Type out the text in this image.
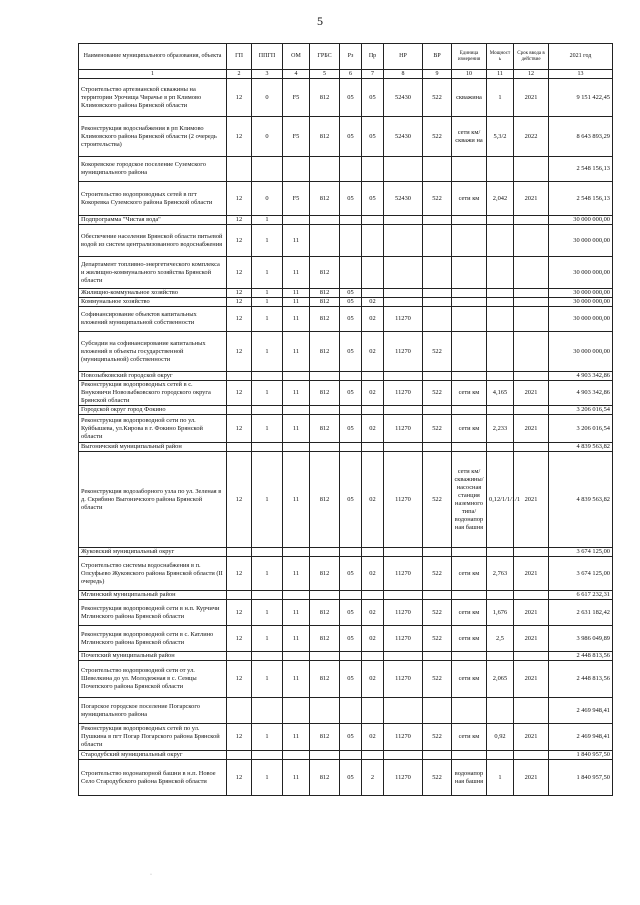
5
Наименование муниципального образования, объекта	ГП	ППГП	ОМ	ГРБС	Рз	Пр	НР	ВР	Единица измерения	Мощност ь	Срок ввода в действие	2021 год
1	2	3	4	5	6	7	8	9	10	11	12	13
Строительство артезианской скважины на территории Урочища Чирачье в рп Климово Климовского района Брянской области	12	0	F5	812	05	05	52430	522	скважина	1	2021	9 151 422,45
Реконструкция водоснабжения в рп Климово Климовского района Брянской области (2 очередь строительства)	12	0	F5	812	05	05	52430	522	сети км/скважи на	5,3/2	2022	8 643 893,29
Кокоревское городское поселение Суземского муниципального района												2 548 156,13
Строительство водопроводных сетей в пгт Кокоревка Суземского района Брянской области	12	0	F5	812	05	05	52430	522	сети км	2,042	2021	2 548 156,13
Подпрограмма "Чистая вода"	12	1										30 000 000,00
Обеспечение населения Брянской области питьевой водой из систем централизованного водоснабжения	12	1	11									30 000 000,00
Департамент топливно-энергетического комплекса и жилищно-коммунального хозяйства Брянской области	12	1	11	812								30 000 000,00
Жилищно-коммунальное хозяйство	12	1	11	812	05							30 000 000,00
Коммунальное хозяйство	12	1	11	812	05	02						30 000 000,00
Софинансирование объектов капитальных вложений муниципальной собственности	12	1	11	812	05	02	11270					30 000 000,00
Субсидии на софинансирование капитальных вложений в объекты государственной (муниципальной) собственности	12	1	11	812	05	02	11270	522				30 000 000,00
Новозыбковский городской округ												4 903 342,86
Реконструкция водопроводных сетей в с. Внуковичи Новозыбковского городского округа Брянской области	12	1	11	812	05	02	11270	522	сети км	4,165	2021	4 903 342,86
Городской округ город Фокино												3 206 016,54
Реконструкция водопроводной сети по ул. Куйбышева, ул.Кирова в г. Фокино Брянской области	12	1	11	812	05	02	11270	522	сети км	2,233	2021	3 206 016,54
Выгоничский муниципальный район												4 839 563,82
Реконструкция водозаборного узла по ул. Зеленая в д. Скрябино Выгоничского района Брянской области	12	1	11	812	05	02	11270	522	сети км/ скважины/ насосная станция наземного типа/ водонапор ная башня	0,12/1/1/1/1	2021	4 839 563,82
Жуковский муниципальный округ												3 674 125,00
Строительство системы водоснабжения в п. Олсуфьево Жуковского района Брянской области (II очередь)	12	1	11	812	05	02	11270	522	сети км	2,763	2021	3 674 125,00
Мглинский муниципальный район												6 617 232,31
Реконструкция водопроводной сети в н.п. Курчичи Мглинского района Брянской области	12	1	11	812	05	02	11270	522	сети км	1,676	2021	2 631 182,42
Реконструкция водопроводной сети в с. Катлино Мглинского района Брянской области	12	1	11	812	05	02	11270	522	сети км	2,5	2021	3 986 049,89
Почепский муниципальный район												2 448 813,56
Строительство водопроводной сети от ул. Шевелкина до ул. Молодежная в с. Семцы Почепского района Брянской области	12	1	11	812	05	02	11270	522	сети км	2,065	2021	2 448 813,56
Погарское городское поселение Погарского муниципального района												2 469 948,41
Реконструкция водопроводных сетей по ул. Пушкина в пгт Погар Погарского района Брянской области	12	1	11	812	05	02	11270	522	сети км	0,92	2021	2 469 948,41
Стародубский муниципальный округ												1 840 957,50
Строительство водонапорной башни в н.п. Новое Село Стародубского района Брянской области	12	1	11	812	05	2	11270	522	водонапор ная башня	1	2021	1 840 957,50
·
